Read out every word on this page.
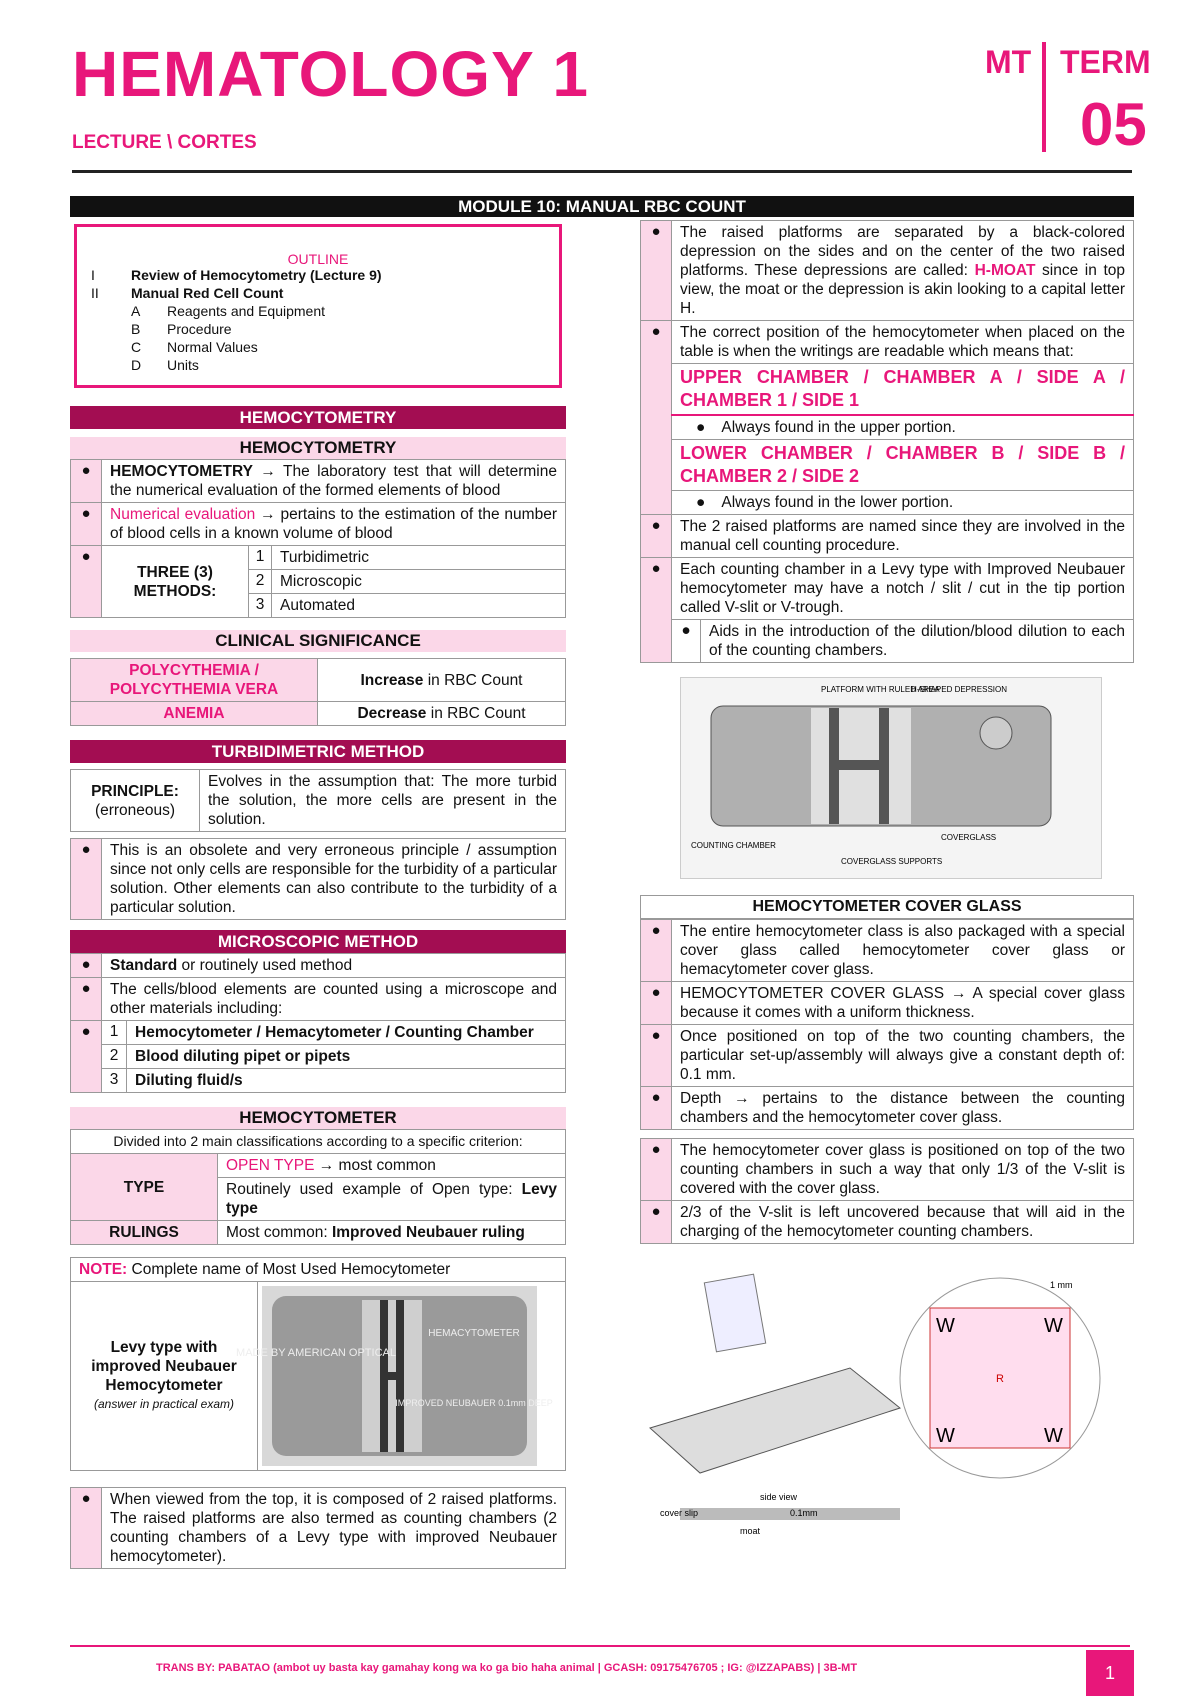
HEMATOLOGY 1
LECTURE \ CORTES
MT TERM
05
MODULE 10: MANUAL RBC COUNT
OUTLINE
I	Review of Hemocytometry (Lecture 9)
II	Manual Red Cell Count
A	Reagents and Equipment
B	Procedure
C	Normal Values
D	Units
HEMOCYTOMETRY
HEMOCYTOMETRY
●	HEMOCYTOMETRY → The laboratory test that will determine the numerical evaluation of the formed elements of blood		
●	Numerical evaluation → pertains to the estimation of the number of blood cells in a known volume of blood		
●	THREE (3) METHODS:	1	Turbidimetric
		2	Microscopic
		3	Automated
CLINICAL SIGNIFICANCE
POLYCYTHEMIA / POLYCYTHEMIA VERA	Increase in RBC Count
ANEMIA	Decrease in RBC Count
TURBIDIMETRIC METHOD
PRINCIPLE:
(erroneous)
	Evolves in the assumption that: The more turbid the solution, the more cells are present in the solution.
●	This is an obsolete and very erroneous principle / assumption since not only cells are responsible for the turbidity of a particular solution. Other elements can also contribute to the turbidity of a particular solution.
MICROSCOPIC METHOD
●	Standard or routinely used method	
●	The cells/blood elements are counted using a microscope and other materials including:	
●	1	Hemocytometer / Hemacytometer / Counting Chamber
	2	Blood diluting pipet or pipets
	3	Diluting fluid/s
HEMOCYTOMETER
Divided into 2 main classifications according to a specific criterion:	
TYPE	OPEN TYPE → most common
	Routinely used example of Open type: Levy type
RULINGS	Most common: Improved Neubauer ruling
NOTE: Complete name of Most Used Hemocytometer

Levy type with improved Neubauer Hemocytometer
(answer in practical exam)

MADE BY AMERICAN OPTICAL
HEMACYTOMETER
IMPROVED NEUBAUER 0.1mm DEEP
●	When viewed from the top, it is composed of 2 raised platforms. The raised platforms are also termed as counting chambers (2 counting chambers of a Levy type with improved Neubauer hemocytometer).
●	The raised platforms are separated by a black-colored depression on the sides and on the center of the two raised platforms. These depressions are called: H-MOAT since in top view, the moat or the depression is akin looking to a capital letter H.	
●	The correct position of the hemocytometer when placed on the table is when the writings are readable which means that:	
	UPPER CHAMBER / CHAMBER A / SIDE A / CHAMBER 1 / SIDE 1	
	● Always found in the upper portion.	
	LOWER CHAMBER / CHAMBER B / SIDE B / CHAMBER 2 / SIDE 2	
	● Always found in the lower portion.	
●	The 2 raised platforms are named since they are involved in the manual cell counting procedure.	
●	Each counting chamber in a Levy type with Improved Neubauer hemocytometer may have a notch / slit / cut in the tip portion called V-slit or V-trough.	
	●	Aids in the introduction of the dilution/blood dilution to each of the counting chambers.
PLATFORM WITH RULED AREA
H-SHAPED DEPRESSION
COUNTING CHAMBER
COVERGLASS
COVERGLASS SUPPORTS
HEMOCYTOMETER COVER GLASS
●	The entire hemocytometer class is also packaged with a special cover glass called hemocytometer cover glass or hemacytometer cover glass.
●	HEMOCYTOMETER COVER GLASS → A special cover glass because it comes with a uniform thickness.
●	Once positioned on top of the two counting chambers, the particular set-up/assembly will always give a constant depth of: 0.1 mm.
●	Depth → pertains to the distance between the counting chambers and the hemocytometer cover glass.
●	The hemocytometer cover glass is positioned on top of the two counting chambers in such a way that only 1/3 of the V-slit is covered with the cover glass.
●	2/3 of the V-slit is left uncovered because that will aid in the charging of the hemocytometer counting chambers.
W	W
W	W
R
1 mm
side view
cover slip
moat
0.1mm
TRANS BY: PABATAO (ambot uy basta kay gamahay kong wa ko ga bio haha animal | GCASH: 09175476705 ; IG: @IZZAPABS) | 3B-MT	1
